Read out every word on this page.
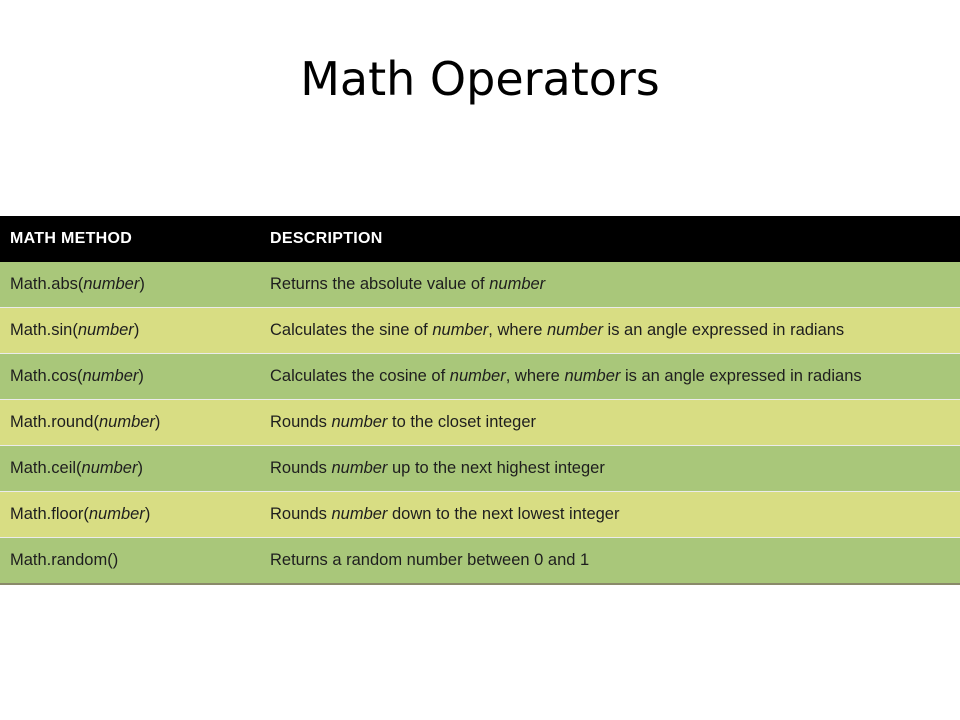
Math Operators
MATH METHOD	DESCRIPTION
Math.abs(number)	Returns the absolute value of number
Math.sin(number)	Calculates the sine of number, where number is an angle expressed in radians
Math.cos(number)	Calculates the cosine of number, where number is an angle expressed in radians
Math.round(number)	Rounds number to the closet integer
Math.ceil(number)	Rounds number up to the next highest integer
Math.floor(number)	Rounds number down to the next lowest integer
Math.random()	Returns a random number between 0 and 1
